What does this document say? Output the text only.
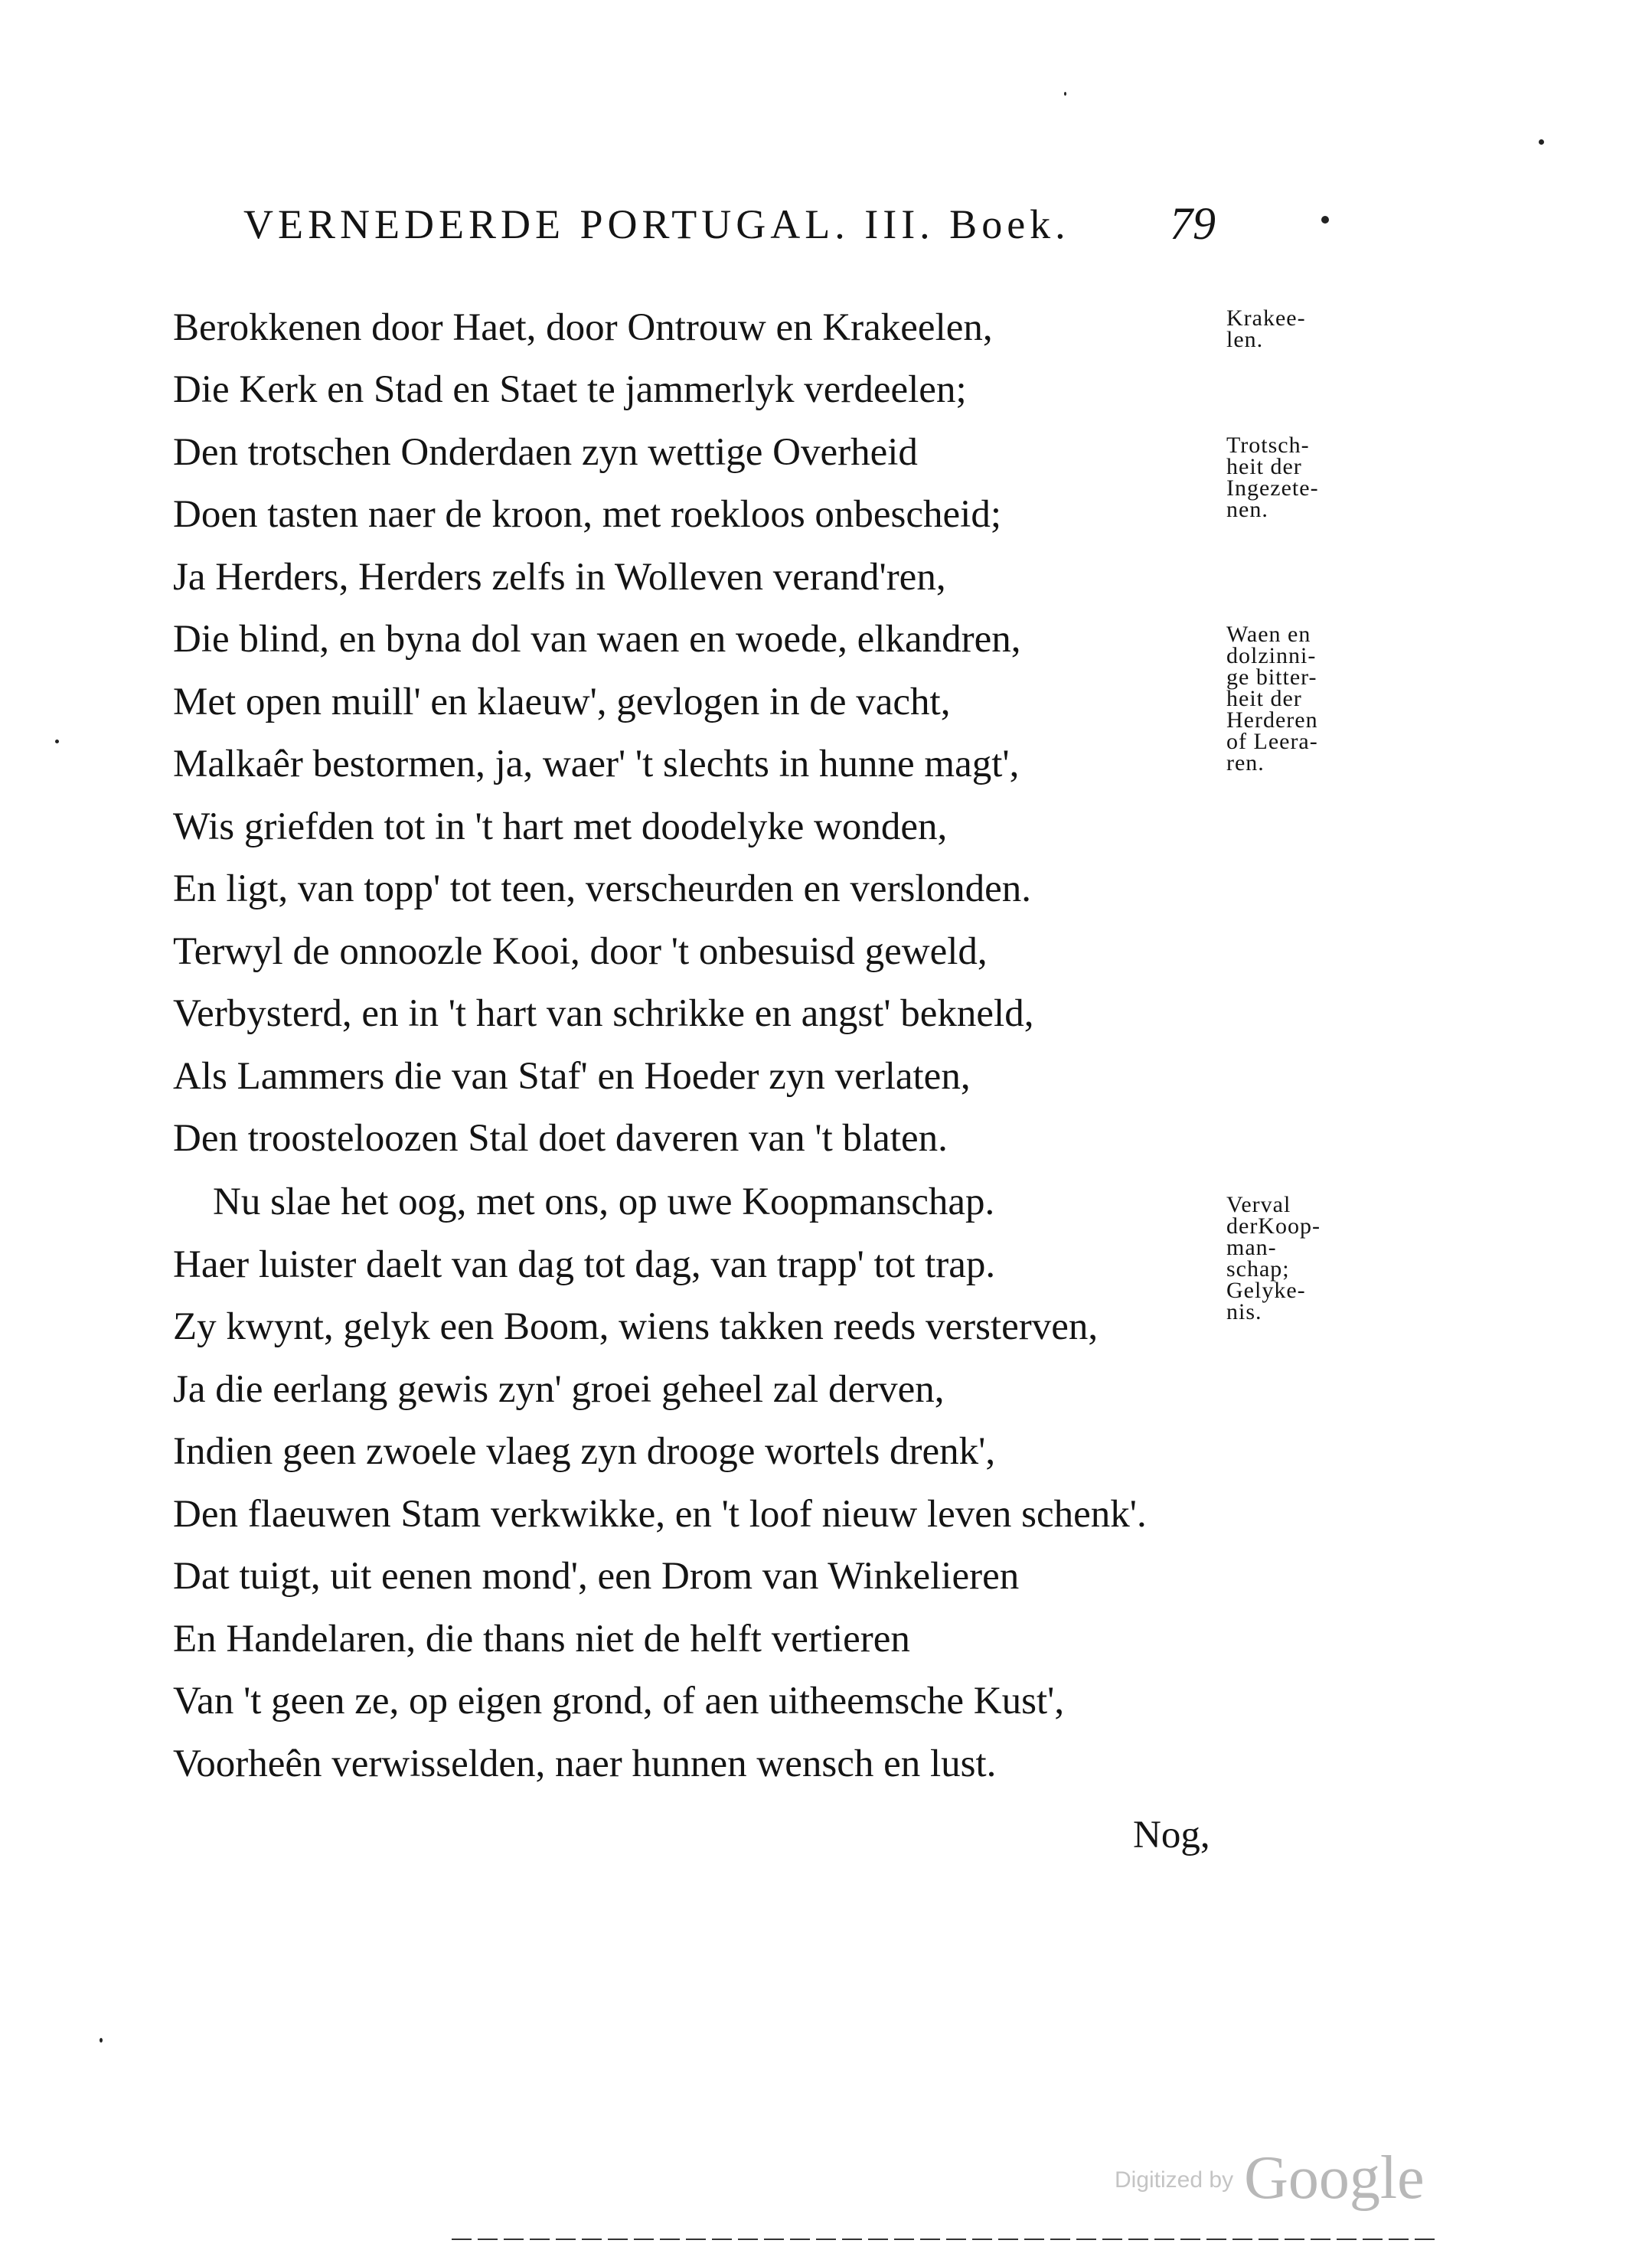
VERNEDERDE PORTUGAL. III. Boek. 79
Berokkenen door Haet, door Ontrouw en Krakeelen,
Die Kerk en Stad en Staet te jammerlyk verdeelen;
Den trotschen Onderdaen zyn wettige Overheid
Doen tasten naer de kroon, met roekloos onbescheid;
Ja Herders, Herders zelfs in Wolleven verand'ren,
Die blind, en byna dol van waen en woede, elkandren,
Met open muill' en klaeuw', gevlogen in de vacht,
Malkaêr bestormen, ja, waer' 't slechts in hunne magt',
Wis griefden tot in 't hart met doodelyke wonden,
En ligt, van topp' tot teen, verscheurden en verslonden.
Terwyl de onnoozle Kooi, door 't onbesuisd geweld,
Verbysterd, en in 't hart van schrikke en angst' bekneld,
Als Lammers die van Staf' en Hoeder zyn verlaten,
Den troosteloozen Stal doet daveren van 't blaten.
Nu slae het oog, met ons, op uwe Koopmanschap.
Haer luister daelt van dag tot dag, van trapp' tot trap.
Zy kwynt, gelyk een Boom, wiens takken reeds versterven,
Ja die eerlang gewis zyn' groei geheel zal derven,
Indien geen zwoele vlaeg zyn drooge wortels drenk',
Den flaeuwen Stam verkwikke, en 't loof nieuw leven schenk'.
Dat tuigt, uit eenen mond', een Drom van Winkelieren
En Handelaren, die thans niet de helft vertieren
Van 't geen ze, op eigen grond, of aen uitheemsche Kust',
Voorheên verwisselden, naer hunnen wensch en lust.
Nog,
Krakee-
len.
Trotsch-
heit der
Ingezete-
nen.
Waen en
dolzinni-
ge bitter-
heit der
Herderen
of Leera-
ren.
Verval
derKoop-
man-
schap;
Gelyke-
nis.
Digitized by Google
